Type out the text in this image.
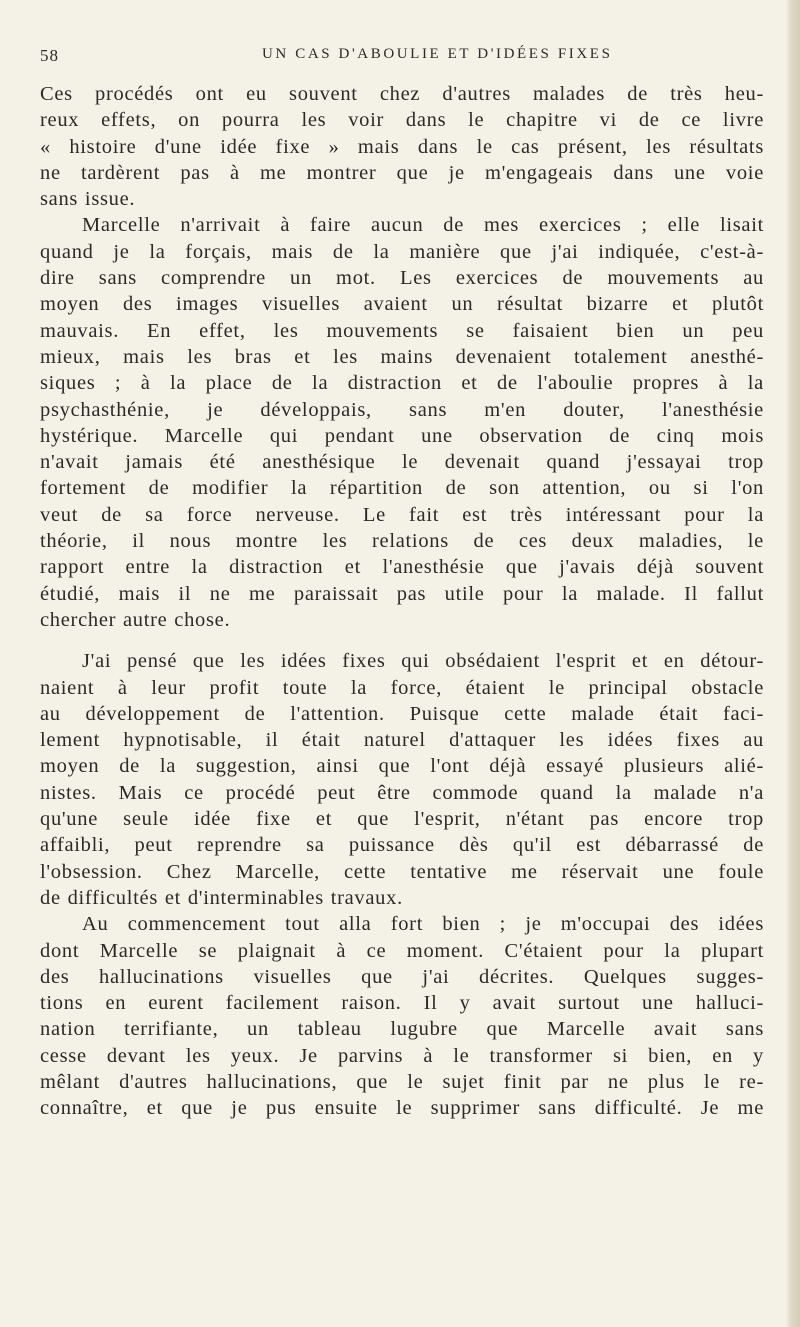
58	UN CAS D'ABOULIE ET D'IDÉES FIXES
Ces procédés ont eu souvent chez d'autres malades de très heu-
reux effets, on pourra les voir dans le chapitre vi de ce livre
« histoire d'une idée fixe » mais dans le cas présent, les résultats
ne tardèrent pas à me montrer que je m'engageais dans une voie
sans issue.
Marcelle n'arrivait à faire aucun de mes exercices ; elle lisait
quand je la forçais, mais de la manière que j'ai indiquée, c'est-à-
dire sans comprendre un mot. Les exercices de mouvements au
moyen des images visuelles avaient un résultat bizarre et plutôt
mauvais. En effet, les mouvements se faisaient bien un peu
mieux, mais les bras et les mains devenaient totalement anesthé-
siques ; à la place de la distraction et de l'aboulie propres à la
psychasthénie, je développais, sans m'en douter, l'anesthésie
hystérique. Marcelle qui pendant une observation de cinq mois
n'avait jamais été anesthésique le devenait quand j'essayai trop
fortement de modifier la répartition de son attention, ou si l'on
veut de sa force nerveuse. Le fait est très intéressant pour la
théorie, il nous montre les relations de ces deux maladies, le
rapport entre la distraction et l'anesthésie que j'avais déjà souvent
étudié, mais il ne me paraissait pas utile pour la malade. Il fallut
chercher autre chose.
J'ai pensé que les idées fixes qui obsédaient l'esprit et en détour-
naient à leur profit toute la force, étaient le principal obstacle
au développement de l'attention. Puisque cette malade était faci-
lement hypnotisable, il était naturel d'attaquer les idées fixes au
moyen de la suggestion, ainsi que l'ont déjà essayé plusieurs alié-
nistes. Mais ce procédé peut être commode quand la malade n'a
qu'une seule idée fixe et que l'esprit, n'étant pas encore trop
affaibli, peut reprendre sa puissance dès qu'il est débarrassé de
l'obsession. Chez Marcelle, cette tentative me réservait une foule
de difficultés et d'interminables travaux.
Au commencement tout alla fort bien ; je m'occupai des idées
dont Marcelle se plaignait à ce moment. C'étaient pour la plupart
des hallucinations visuelles que j'ai décrites. Quelques sugges-
tions en eurent facilement raison. Il y avait surtout une halluci-
nation terrifiante, un tableau lugubre que Marcelle avait sans
cesse devant les yeux. Je parvins à le transformer si bien, en y
mêlant d'autres hallucinations, que le sujet finit par ne plus le re-
connaître, et que je pus ensuite le supprimer sans difficulté. Je me
